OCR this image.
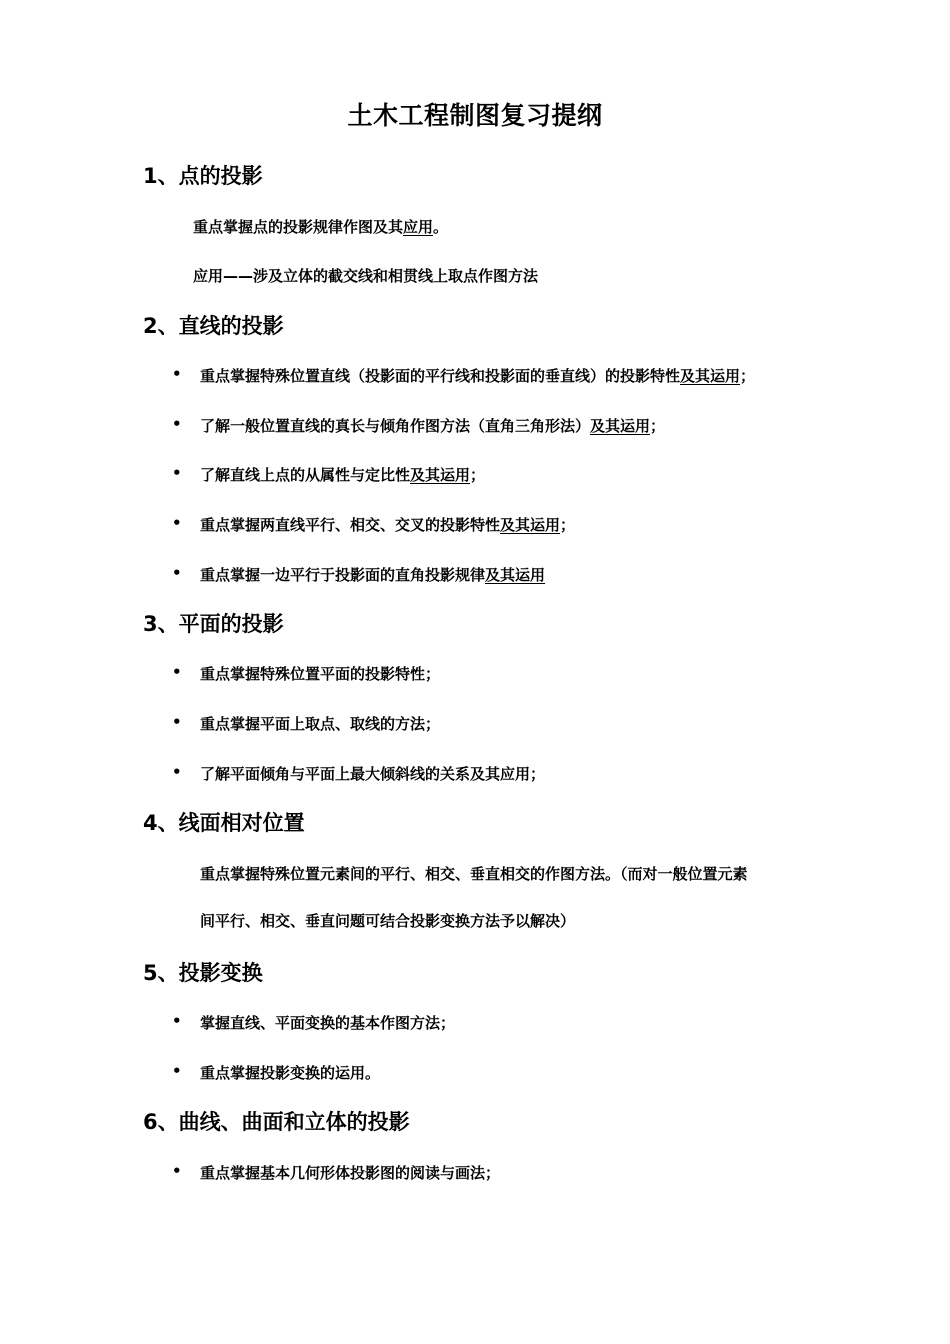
土木工程制图复习提纲
1、点的投影
重点掌握点的投影规律作图及其应用。
应用——涉及立体的截交线和相贯线上取点作图方法
2、直线的投影
• 重点掌握特殊位置直线（投影面的平行线和投影面的垂直线）的投影特性及其运用；
• 了解一般位置直线的真长与倾角作图方法（直角三角形法）及其运用；
• 了解直线上点的从属性与定比性及其运用；
• 重点掌握两直线平行、相交、交叉的投影特性及其运用；
• 重点掌握一边平行于投影面的直角投影规律及其运用
3、平面的投影
• 重点掌握特殊位置平面的投影特性；
• 重点掌握平面上取点、取线的方法；
• 了解平面倾角与平面上最大倾斜线的关系及其应用；
4、线面相对位置
重点掌握特殊位置元素间的平行、相交、垂直相交的作图方法。（而对一般位置元素
间平行、相交、垂直问题可结合投影变换方法予以解决）
5、投影变换
• 掌握直线、平面变换的基本作图方法；
• 重点掌握投影变换的运用。
6、曲线、曲面和立体的投影
• 重点掌握基本几何形体投影图的阅读与画法；
